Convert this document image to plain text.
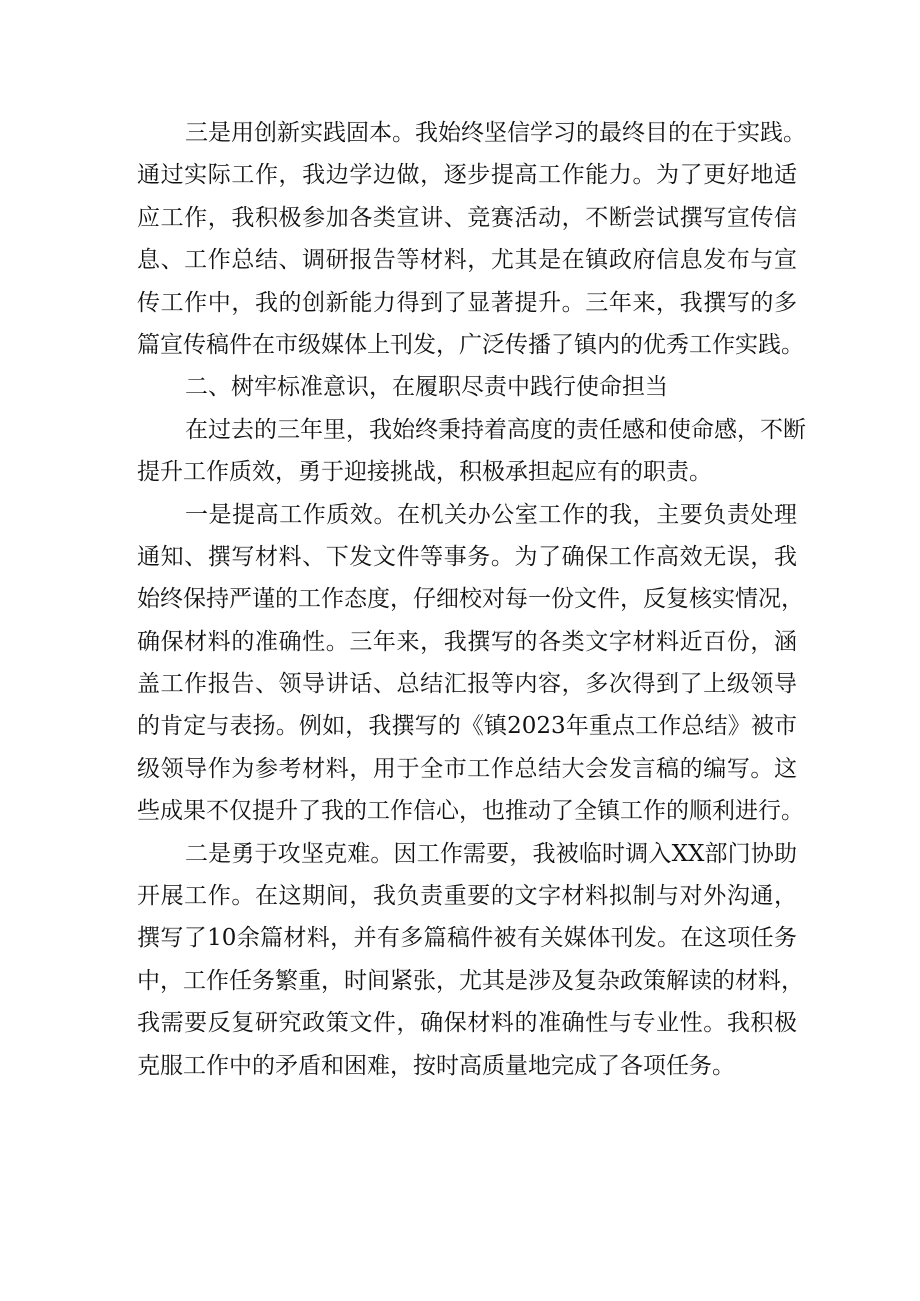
三是用创新实践固本。我始终坚信学习的最终目的在于实践。
通过实际工作，我边学边做，逐步提高工作能力。为了更好地适
应工作，我积极参加各类宣讲、竞赛活动，不断尝试撰写宣传信
息、工作总结、调研报告等材料，尤其是在镇政府信息发布与宣
传工作中，我的创新能力得到了显著提升。三年来，我撰写的多
篇宣传稿件在市级媒体上刊发，广泛传播了镇内的优秀工作实践。
二、树牢标准意识，在履职尽责中践行使命担当
在过去的三年里，我始终秉持着高度的责任感和使命感，不断
提升工作质效，勇于迎接挑战，积极承担起应有的职责。
一是提高工作质效。在机关办公室工作的我，主要负责处理
通知、撰写材料、下发文件等事务。为了确保工作高效无误，我
始终保持严谨的工作态度，仔细校对每一份文件，反复核实情况，
确保材料的准确性。三年来，我撰写的各类文字材料近百份，涵
盖工作报告、领导讲话、总结汇报等内容，多次得到了上级领导
的肯定与表扬。例如，我撰写的《镇2023年重点工作总结》被市
级领导作为参考材料，用于全市工作总结大会发言稿的编写。这
些成果不仅提升了我的工作信心，也推动了全镇工作的顺利进行。
二是勇于攻坚克难。因工作需要，我被临时调入XX部门协助
开展工作。在这期间，我负责重要的文字材料拟制与对外沟通，
撰写了10余篇材料，并有多篇稿件被有关媒体刊发。在这项任务
中，工作任务繁重，时间紧张，尤其是涉及复杂政策解读的材料，
我需要反复研究政策文件，确保材料的准确性与专业性。我积极
克服工作中的矛盾和困难，按时高质量地完成了各项任务。
